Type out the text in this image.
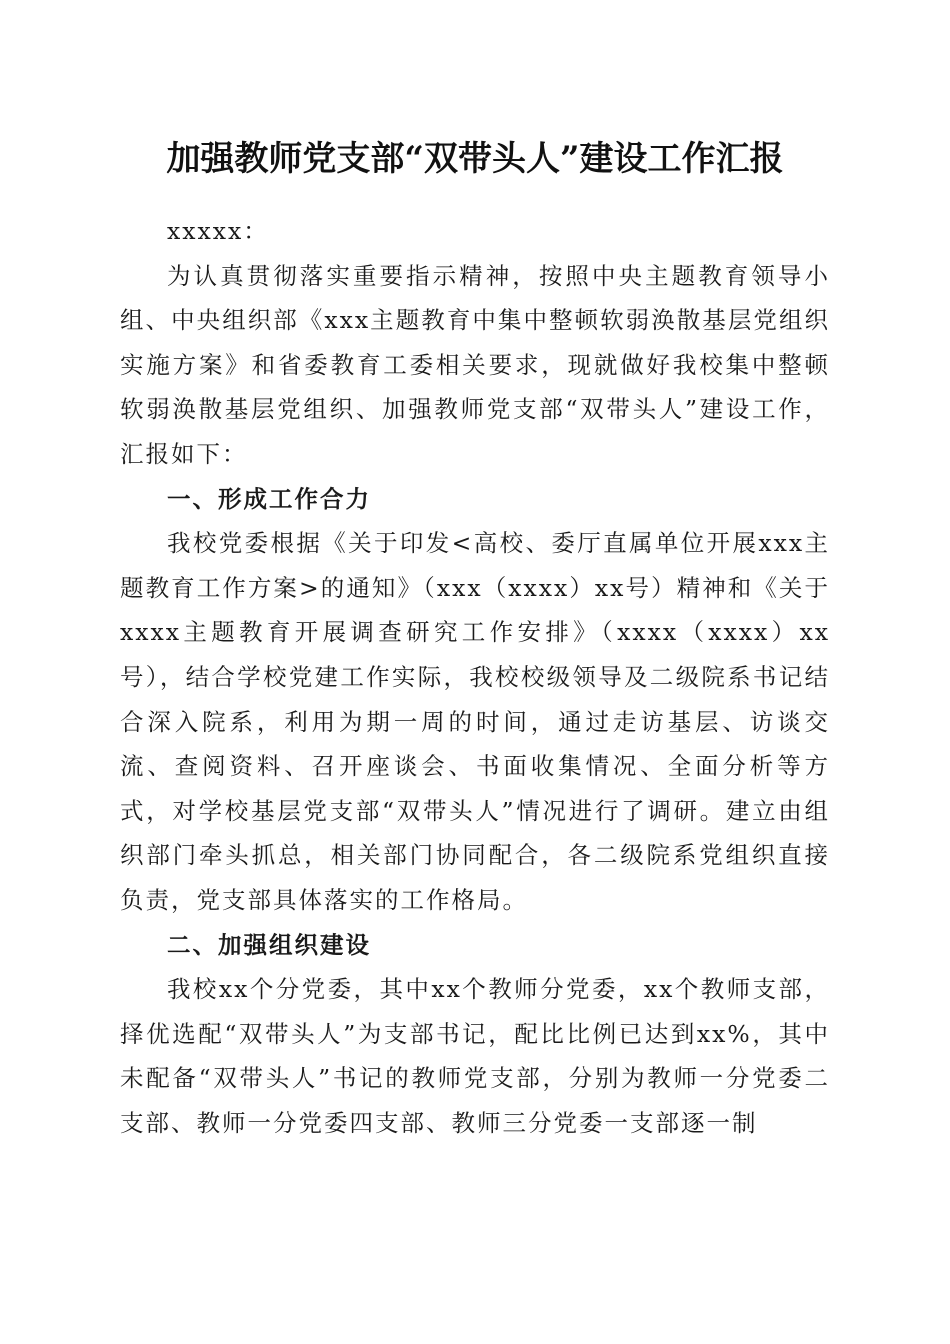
加强教师党支部“双带头人”建设工作汇报

xxxxx：

为认真贯彻落实重要指示精神，按照中央主题教育领导小组、中央组织部《xxx主题教育中集中整顿软弱涣散基层党组织实施方案》和省委教育工委相关要求，现就做好我校集中整顿软弱涣散基层党组织、加强教师党支部“双带头人”建设工作，汇报如下：

一、形成工作合力

我校党委根据《关于印发<高校、委厅直属单位开展xxx主题教育工作方案>的通知》（xxx（xxxx）xx号）精神和《关于xxxx主题教育开展调查研究工作安排》（xxxx（xxxx）xx号），结合学校党建工作实际，我校校级领导及二级院系书记结合深入院系，利用为期一周的时间，通过走访基层、访谈交流、查阅资料、召开座谈会、书面收集情况、全面分析等方式，对学校基层党支部“双带头人”情况进行了调研。建立由组织部门牵头抓总，相关部门协同配合，各二级院系党组织直接负责，党支部具体落实的工作格局。

二、加强组织建设

我校xx个分党委，其中xx个教师分党委，xx个教师支部，择优选配“双带头人”为支部书记，配比比例已达到xx%，其中未配备“双带头人”书记的教师党支部，分别为教师一分党委二支部、教师一分党委四支部、教师三分党委一支部逐一制
